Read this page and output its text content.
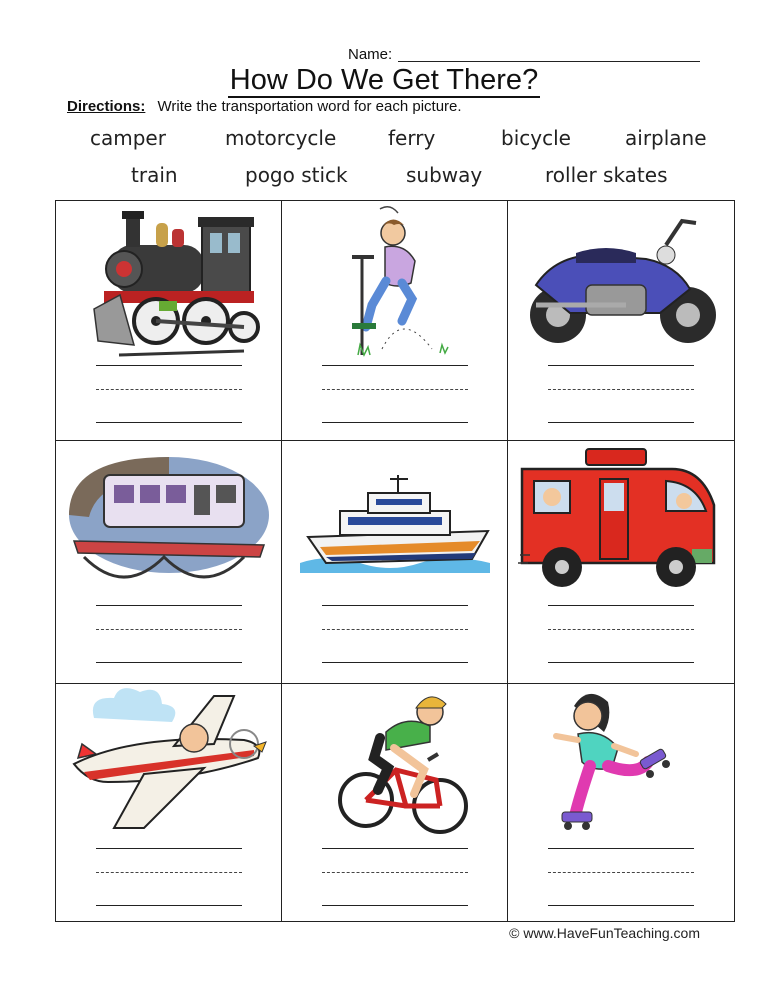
Name:
How Do We Get There?
Directions: Write the transportation word for each picture.
camper	motorcycle	ferry	bicycle	airplane
train	pogo stick	subway	roller skates
© www.HaveFunTeaching.com
